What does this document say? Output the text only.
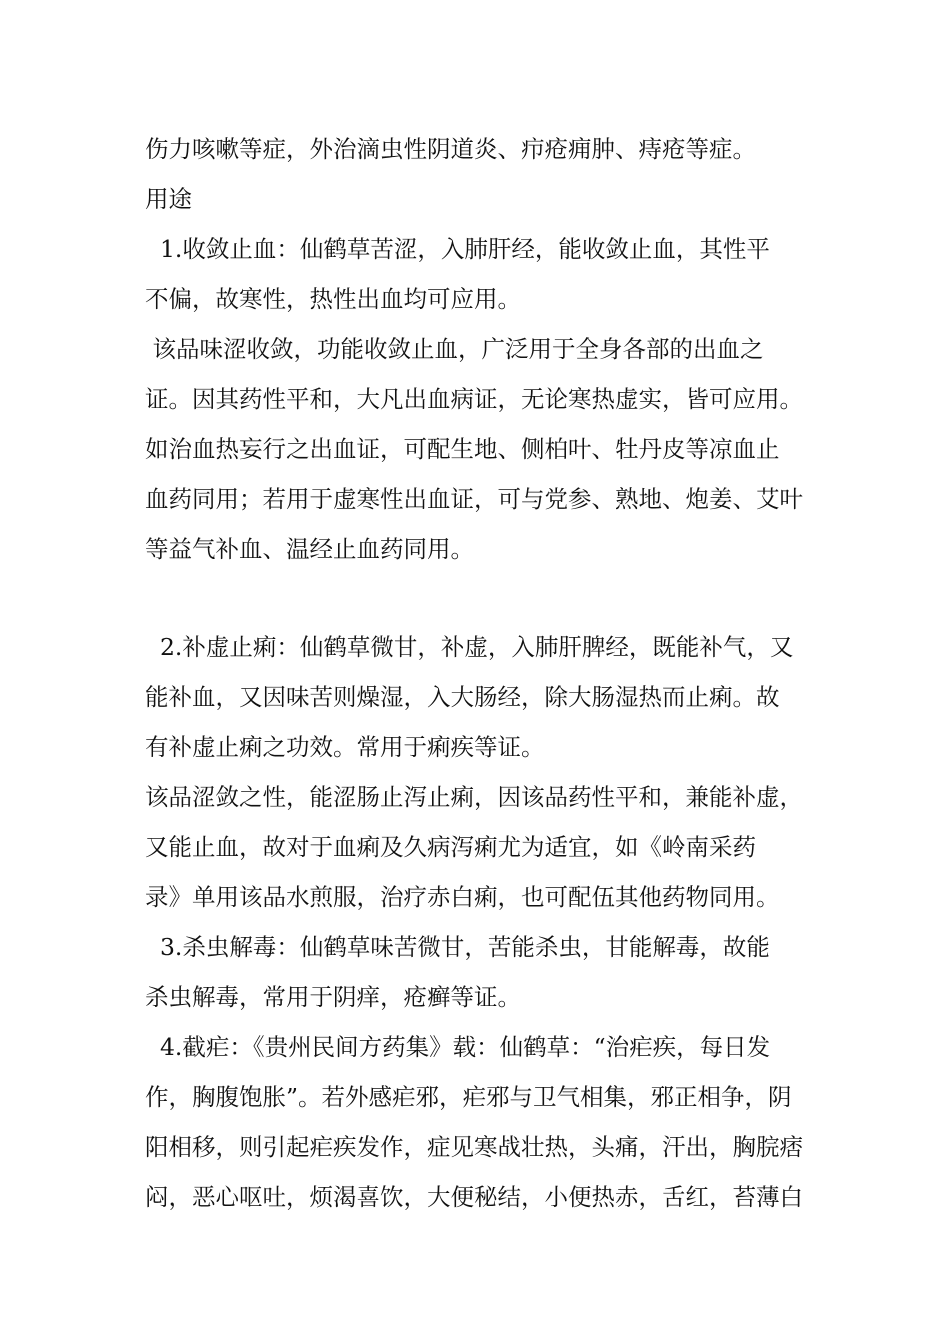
伤力咳嗽等症，外治滴虫性阴道炎、疖疮痈肿、痔疮等症。
用途
1.收敛止血：仙鹤草苦涩，入肺肝经，能收敛止血，其性平
不偏，故寒性，热性出血均可应用。
该品味涩收敛，功能收敛止血，广泛用于全身各部的出血之
证。因其药性平和，大凡出血病证，无论寒热虚实，皆可应用。
如治血热妄行之出血证，可配生地、侧柏叶、牡丹皮等凉血止
血药同用；若用于虚寒性出血证，可与党参、熟地、炮姜、艾叶
等益气补血、温经止血药同用。
2.补虚止痢：仙鹤草微甘，补虚，入肺肝脾经，既能补气，又
能补血，又因味苦则燥湿，入大肠经，除大肠湿热而止痢。故
有补虚止痢之功效。常用于痢疾等证。
该品涩敛之性，能涩肠止泻止痢，因该品药性平和，兼能补虚，
又能止血，故对于血痢及久病泻痢尤为适宜，如《岭南采药
录》单用该品水煎服，治疗赤白痢，也可配伍其他药物同用。
3.杀虫解毒：仙鹤草味苦微甘，苦能杀虫，甘能解毒，故能
杀虫解毒，常用于阴痒，疮癣等证。
4.截疟：《贵州民间方药集》载：仙鹤草：“治疟疾，每日发
作，胸腹饱胀”。若外感疟邪，疟邪与卫气相集，邪正相争，阴
阳相移，则引起疟疾发作，症见寒战壮热，头痛，汗出，胸脘痞
闷，恶心呕吐，烦渴喜饮，大便秘结，小便热赤，舌红，苔薄白
